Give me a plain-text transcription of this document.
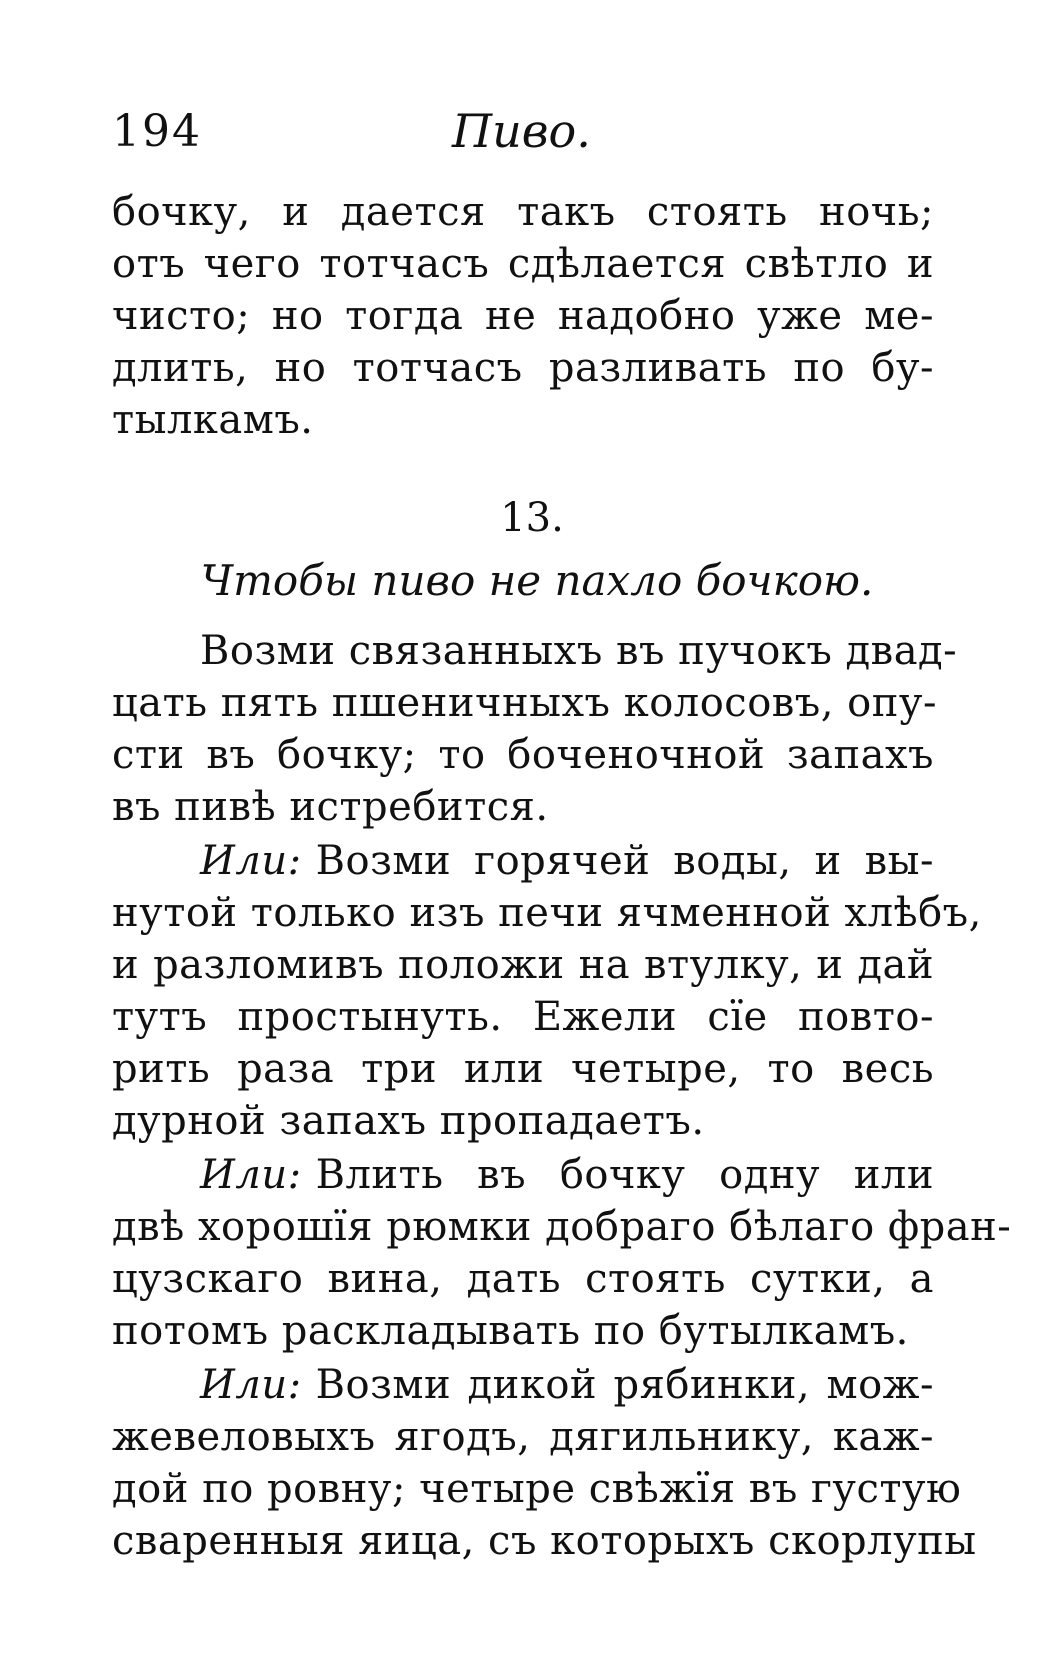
194	Пиво.
бочку, и дается такъ стоять ночь;
отъ чего тотчасъ сдѣлается свѣтло и
чисто; но тогда не надобно уже ме-
длить, но тотчасъ разливать по бу-
тылкамъ.
13.
Чтобы пиво не пахло бочкою.
Возми связанныхъ въ пучокъ двад-
цать пять пшеничныхъ колосовъ, опу-
сти въ бочку; то боченочной запахъ
въ пивѣ истребится.
Или: Возми горячей воды, и вы-
нутой только изъ печи ячменной хлѣбъ,
и разломивъ положи на втулку, и дай
тутъ простынуть. Ежели сїе повто-
рить раза три или четыре, то весь
дурной запахъ пропадаетъ.
Или: Влить въ бочку одну или
двѣ хорошїя рюмки добраго бѣлаго фран-
цузскаго вина, дать стоять сутки, а
потомъ раскладывать по бутылкамъ.
Или: Возми дикой рябинки, мож-
жевеловыхъ ягодъ, дягильнику, каж-
дой по ровну; четыре свѣжїя въ густую
сваренныя яица, съ которыхъ скорлупы
